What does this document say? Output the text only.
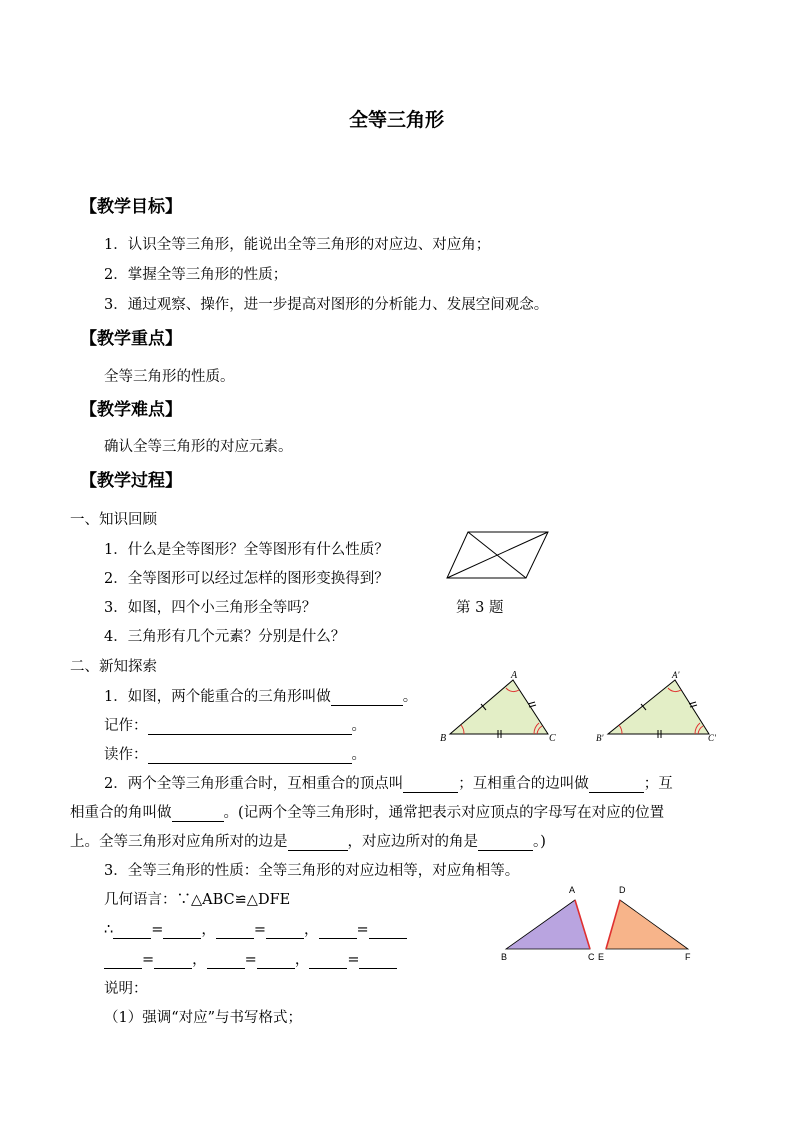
全等三角形
【教学目标】
1．认识全等三角形，能说出全等三角形的对应边、对应角；
2．掌握全等三角形的性质；
3．通过观察、操作，进一步提高对图形的分析能力、发展空间观念。
【教学重点】
全等三角形的性质。
【教学难点】
确认全等三角形的对应元素。
【教学过程】
一、知识回顾
1．什么是全等图形？全等图形有什么性质？
2．全等图形可以经过怎样的图形变换得到？
3．如图，四个小三角形全等吗？
4．三角形有几个元素？分别是什么？
第 3 题
二、新知探索
1．如图，两个能重合的三角形叫做	。
记作：	。
读作：	。
A
B	C
A'
B'	C'
2．两个全等三角形重合时，互相重合的顶点叫	；互相重合的边叫做	；互
相重合的角叫做	。(记两个全等三角形时，通常把表示对应顶点的字母写在对应的位置
上。全等三角形对应角所对的边是	，对应边所对的角是	。)
3．全等三角形的性质：全等三角形的对应边相等，对应角相等。
几何语言：∵△ABC≌△DFE
∴	=	，	=	，	=
=	，	=	，	=
A
B	C
D
E	F
说明：
（1）强调“对应”与书写格式；
